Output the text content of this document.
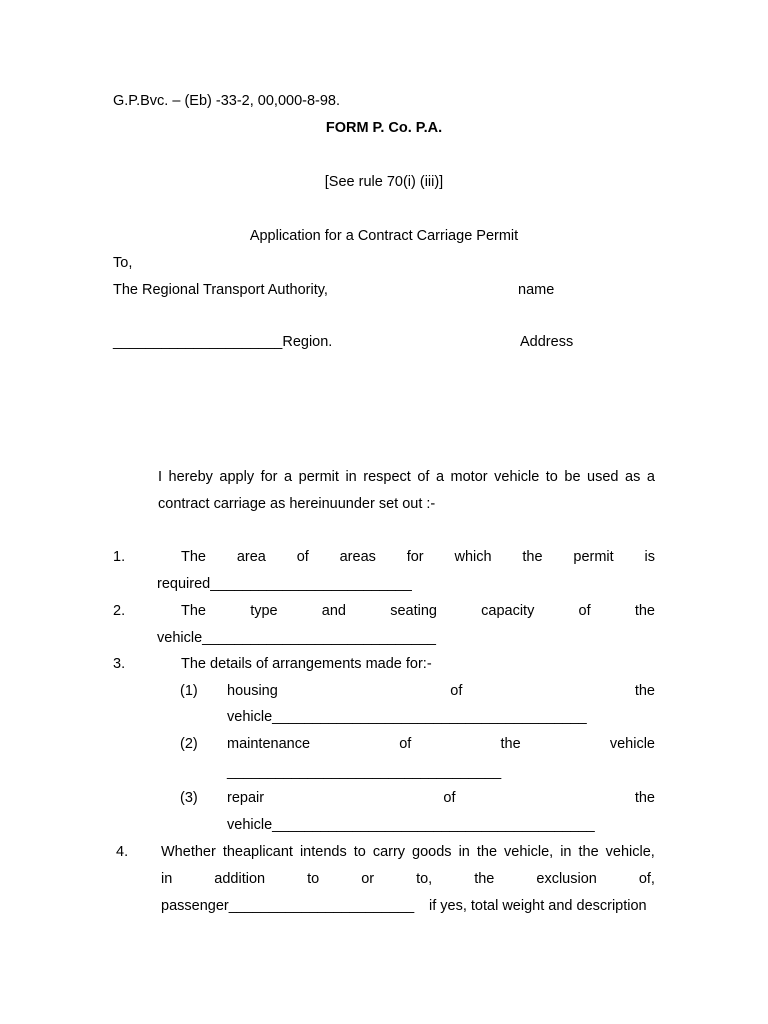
G.P.Bvc. – (Eb) -33-2, 00,000-8-98.
FORM P. Co. P.A.
[See rule 70(i) (iii)]
Application for a Contract Carriage Permit
To,
The Regional Transport Authority,	name
_____________________Region.	Address
I hereby apply for a permit in respect of a motor vehicle to be used as a
contract carriage as hereinuunder set out :-
1.	The area of areas for which the permit is
required_________________________
2.	The	type	and	seating	capacity	of	the
vehicle_____________________________
3.	The details of arrangements made for:-
(1) housing	of	the
vehicle_______________________________________
(2) maintenance	of	the	vehicle
__________________________________
(3) repair	of	the
vehicle________________________________________
4. Whether theaplicant intends to carry goods in the vehicle, in the vehicle,
in	addition	to	or	to,	the	exclusion	of,
passenger_______________________ if yes, total weight and description
